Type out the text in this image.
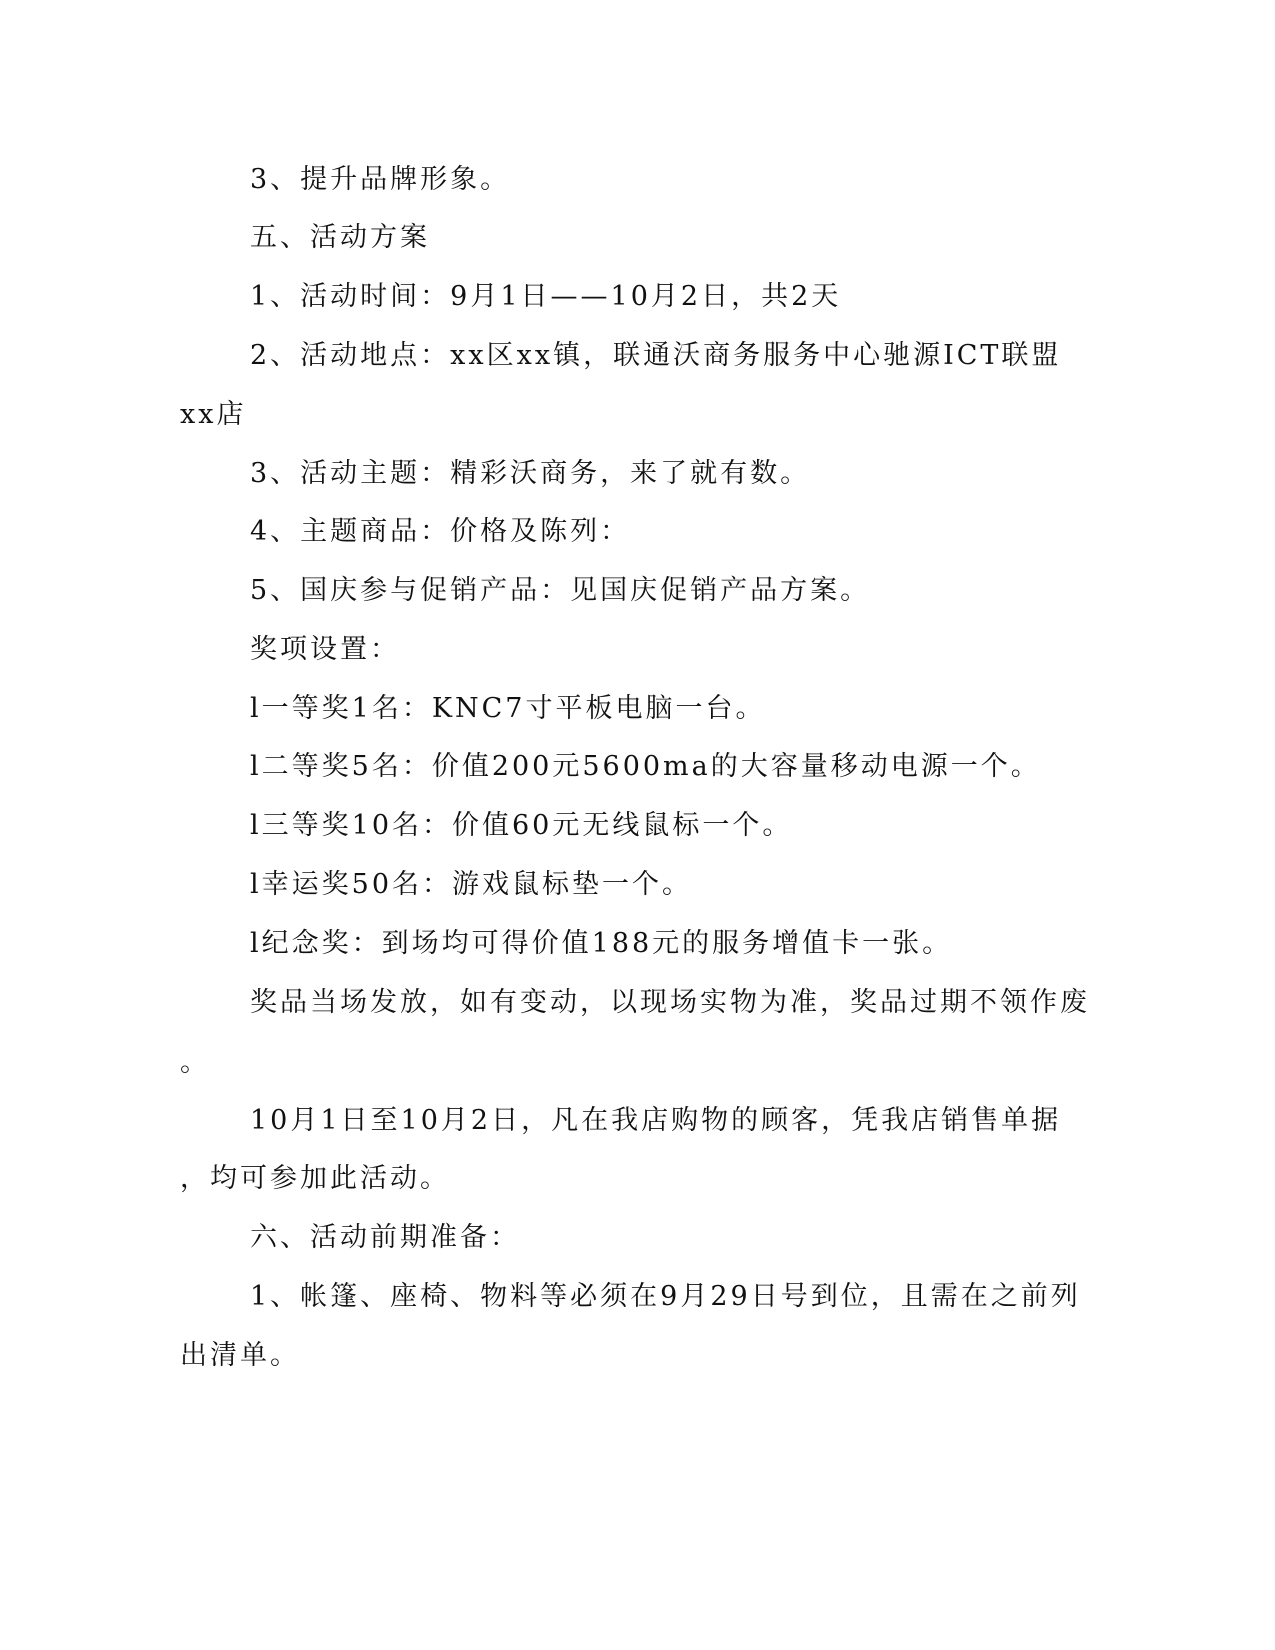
3、提升品牌形象。
五、活动方案
1、活动时间：9月1日——10月2日，共2天
2、活动地点：xx区xx镇，联通沃商务服务中心驰源ICT联盟
xx店
3、活动主题：精彩沃商务，来了就有数。
4、主题商品：价格及陈列：
5、国庆参与促销产品：见国庆促销产品方案。
奖项设置：
l一等奖1名：KNC7寸平板电脑一台。
l二等奖5名：价值200元5600ma的大容量移动电源一个。
l三等奖10名：价值60元无线鼠标一个。
l幸运奖50名：游戏鼠标垫一个。
l纪念奖：到场均可得价值188元的服务增值卡一张。
奖品当场发放，如有变动，以现场实物为准，奖品过期不领作废
。
10月1日至10月2日，凡在我店购物的顾客，凭我店销售单据
，均可参加此活动。
六、活动前期准备：
1、帐篷、座椅、物料等必须在9月29日号到位，且需在之前列
出清单。
